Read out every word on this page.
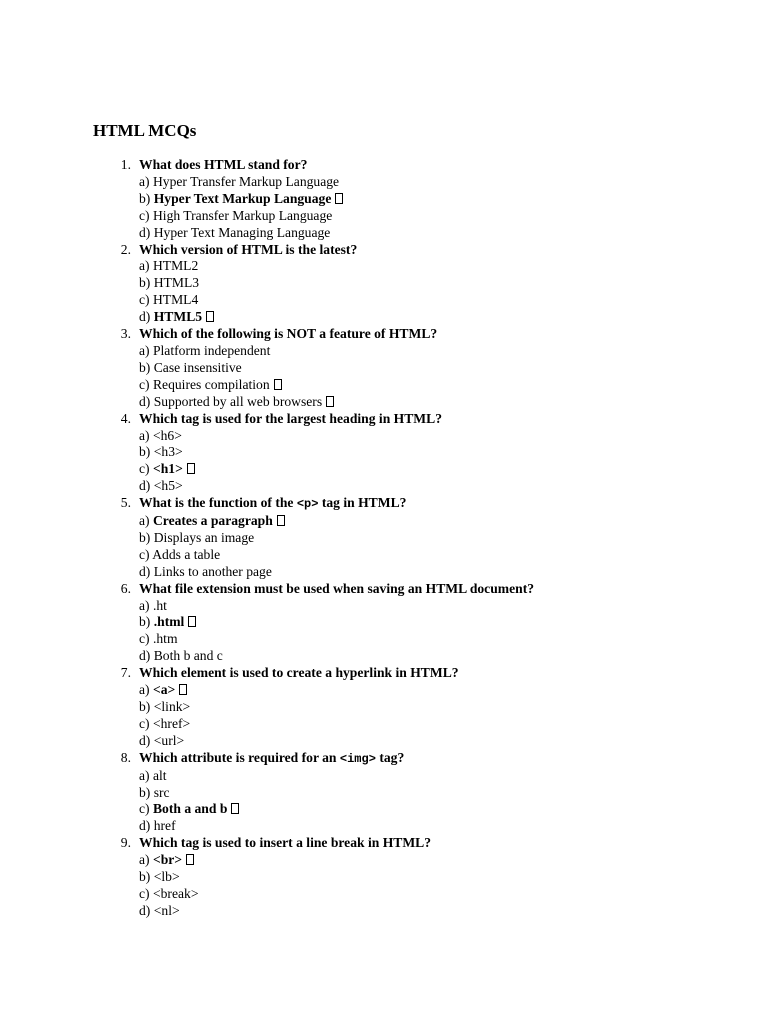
HTML MCQs
1. What does HTML stand for?
a) Hyper Transfer Markup Language
b) Hyper Text Markup Language
c) High Transfer Markup Language
d) Hyper Text Managing Language
2. Which version of HTML is the latest?
a) HTML2
b) HTML3
c) HTML4
d) HTML5
3. Which of the following is NOT a feature of HTML?
a) Platform independent
b) Case insensitive
c) Requires compilation
d) Supported by all web browsers
4. Which tag is used for the largest heading in HTML?
a) <h6>
b) <h3>
c) <h1>
d) <h5>
5. What is the function of the <p> tag in HTML?
a) Creates a paragraph
b) Displays an image
c) Adds a table
d) Links to another page
6. What file extension must be used when saving an HTML document?
a) .ht
b) .html
c) .htm
d) Both b and c
7. Which element is used to create a hyperlink in HTML?
a) <a>
b) <link>
c) <href>
d) <url>
8. Which attribute is required for an <img> tag?
a) alt
b) src
c) Both a and b
d) href
9. Which tag is used to insert a line break in HTML?
a) <br>
b) <lb>
c) <break>
d) <nl>
